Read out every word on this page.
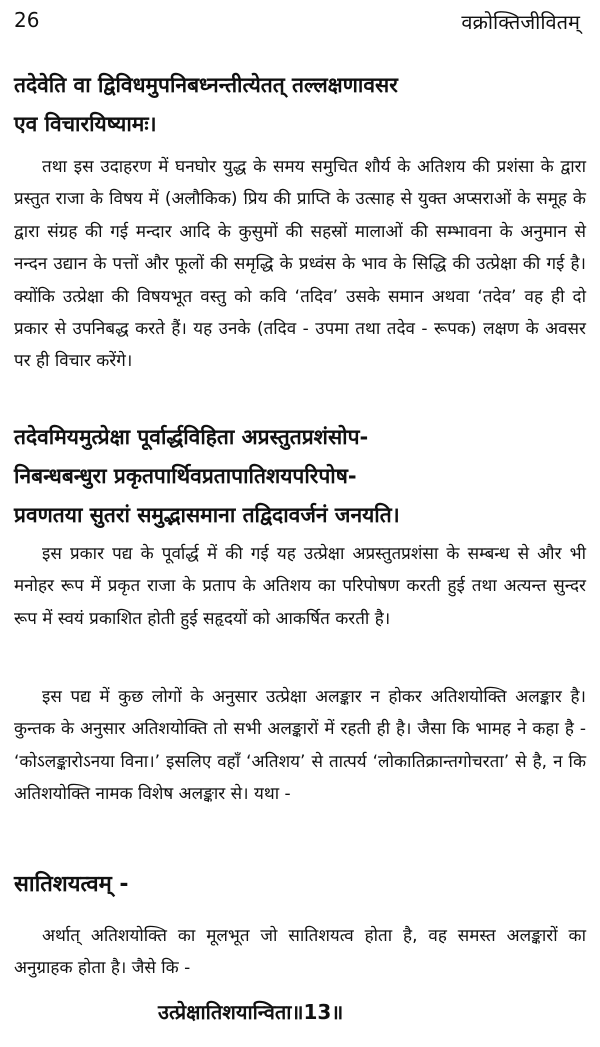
26	वक्रोक्तिजीवितम्
तदेवेति वा द्विविधमुपनिबध्नन्तीत्येतत् तल्लक्षणावसर
एव विचारयिष्यामः।
तथा इस उदाहरण में घनघोर युद्ध के समय समुचित शौर्य के अतिशय की प्रशंसा के द्वारा प्रस्तुत राजा के विषय में (अलौकिक) प्रिय की प्राप्ति के उत्साह से युक्त अप्सराओं के समूह के द्वारा संग्रह की गई मन्दार आदि के कुसुमों की सहस्रों मालाओं की सम्भावना के अनुमान से नन्दन उद्यान के पत्तों और फूलों की समृद्धि के प्रध्वंस के भाव के सिद्धि की उत्प्रेक्षा की गई है। क्योंकि उत्प्रेक्षा की विषयभूत वस्तु को कवि ‘तदिव’ उसके समान अथवा ‘तदेव’ वह ही दो प्रकार से उपनिबद्ध करते हैं। यह उनके (तदिव - उपमा तथा तदेव - रूपक) लक्षण के अवसर पर ही विचार करेंगे।
तदेवमियमुत्प्रेक्षा पूर्वार्द्धविहिता अप्रस्तुतप्रशंसोप-
निबन्धबन्धुरा प्रकृतपार्थिवप्रतापातिशयपरिपोष-
प्रवणतया सुतरां समुद्भासमाना तद्विदावर्जनं जनयति।
इस प्रकार पद्य के पूर्वार्द्ध में की गई यह उत्प्रेक्षा अप्रस्तुतप्रशंसा के सम्बन्ध से और भी मनोहर रूप में प्रकृत राजा के प्रताप के अतिशय का परिपोषण करती हुई तथा अत्यन्त सुन्दर रूप में स्वयं प्रकाशित होती हुई सहृदयों को आकर्षित करती है।
इस पद्य में कुछ लोगों के अनुसार उत्प्रेक्षा अलङ्कार न होकर अतिशयोक्ति अलङ्कार है। कुन्तक के अनुसार अतिशयोक्ति तो सभी अलङ्कारों में रहती ही है। जैसा कि भामह ने कहा है - ‘कोऽलङ्कारोऽनया विना।’ इसलिए वहाँ ‘अतिशय’ से तात्पर्य ‘लोकातिक्रान्तगोचरता’ से है, न कि अतिशयोक्ति नामक विशेष अलङ्कार से। यथा -
सातिशयत्वम् -
अर्थात् अतिशयोक्ति का मूलभूत जो सातिशयत्व होता है, वह समस्त अलङ्कारों का अनुग्राहक होता है। जैसे कि -
उत्प्रेक्षातिशयान्विता॥13॥
